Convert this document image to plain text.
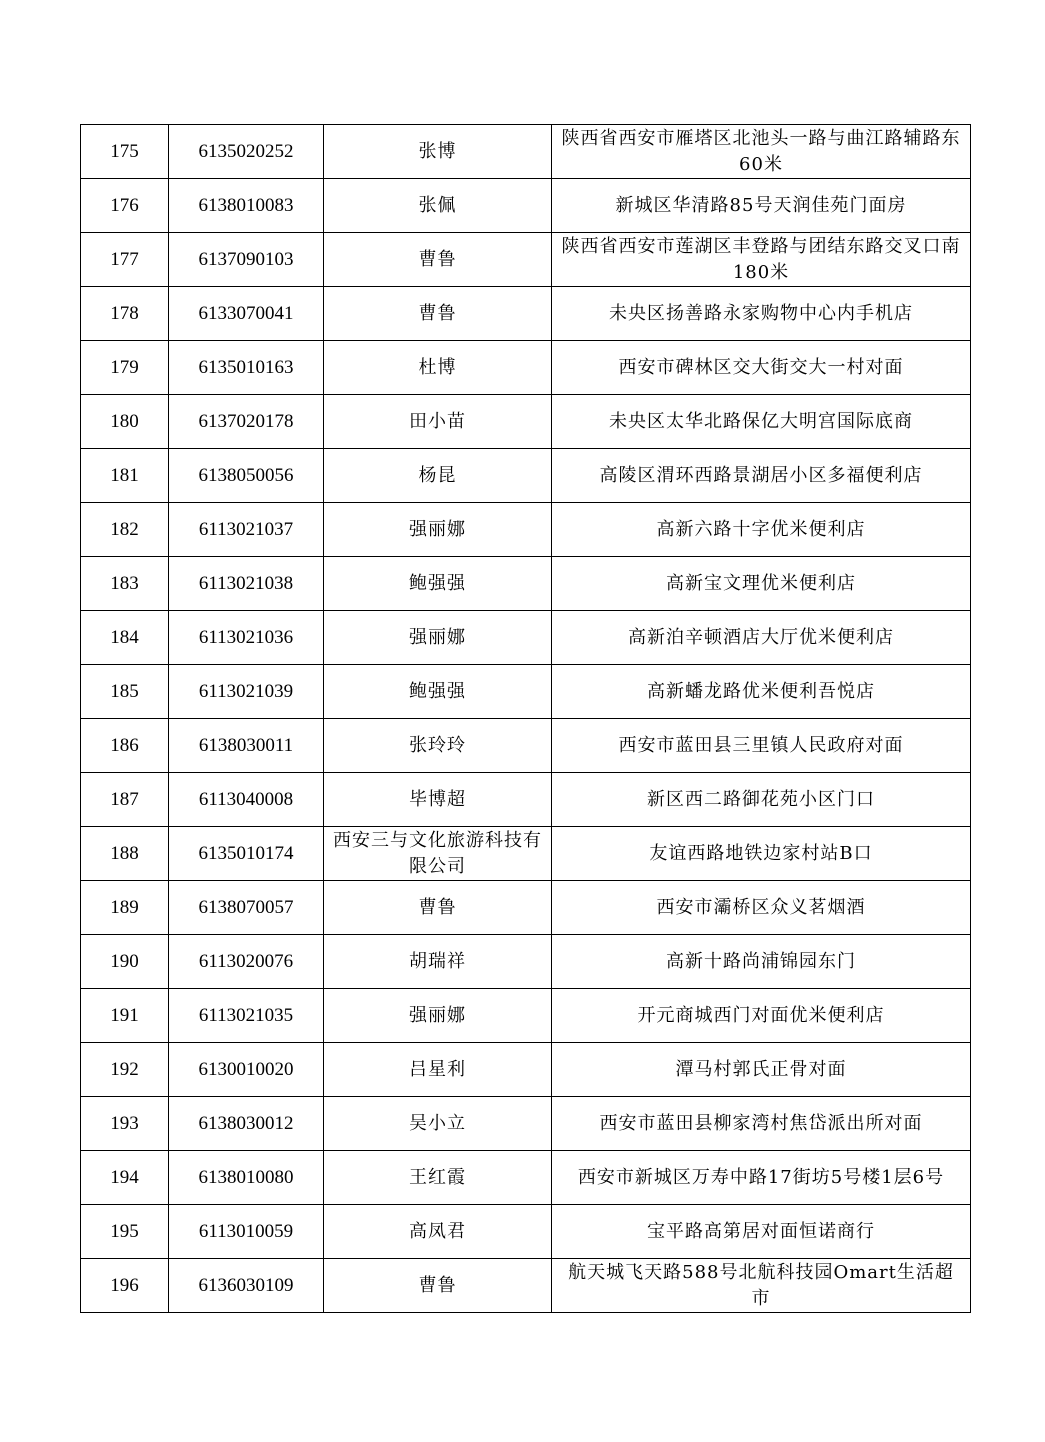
175	6135020252	张博	陕西省西安市雁塔区北池头一路与曲江路辅路东60米
176	6138010083	张佩	新城区华清路85号天润佳苑门面房
177	6137090103	曹鲁	陕西省西安市莲湖区丰登路与团结东路交叉口南180米
178	6133070041	曹鲁	未央区扬善路永家购物中心内手机店
179	6135010163	杜博	西安市碑林区交大街交大一村对面
180	6137020178	田小苗	未央区太华北路保亿大明宫国际底商
181	6138050056	杨昆	高陵区渭环西路景湖居小区多福便利店
182	6113021037	强丽娜	高新六路十字优米便利店
183	6113021038	鲍强强	高新宝文理优米便利店
184	6113021036	强丽娜	高新泊辛顿酒店大厅优米便利店
185	6113021039	鲍强强	高新蟠龙路优米便利吾悦店
186	6138030011	张玲玲	西安市蓝田县三里镇人民政府对面
187	6113040008	毕博超	新区西二路御花苑小区门口
188	6135010174	西安三与文化旅游科技有限公司	友谊西路地铁边家村站B口
189	6138070057	曹鲁	西安市灞桥区众义茗烟酒
190	6113020076	胡瑞祥	高新十路尚浦锦园东门
191	6113021035	强丽娜	开元商城西门对面优米便利店
192	6130010020	吕星利	潭马村郭氏正骨对面
193	6138030012	吴小立	西安市蓝田县柳家湾村焦岱派出所对面
194	6138010080	王红霞	西安市新城区万寿中路17街坊5号楼1层6号
195	6113010059	高凤君	宝平路高第居对面恒诺商行
196	6136030109	曹鲁	航天城飞天路588号北航科技园Omart生活超市
